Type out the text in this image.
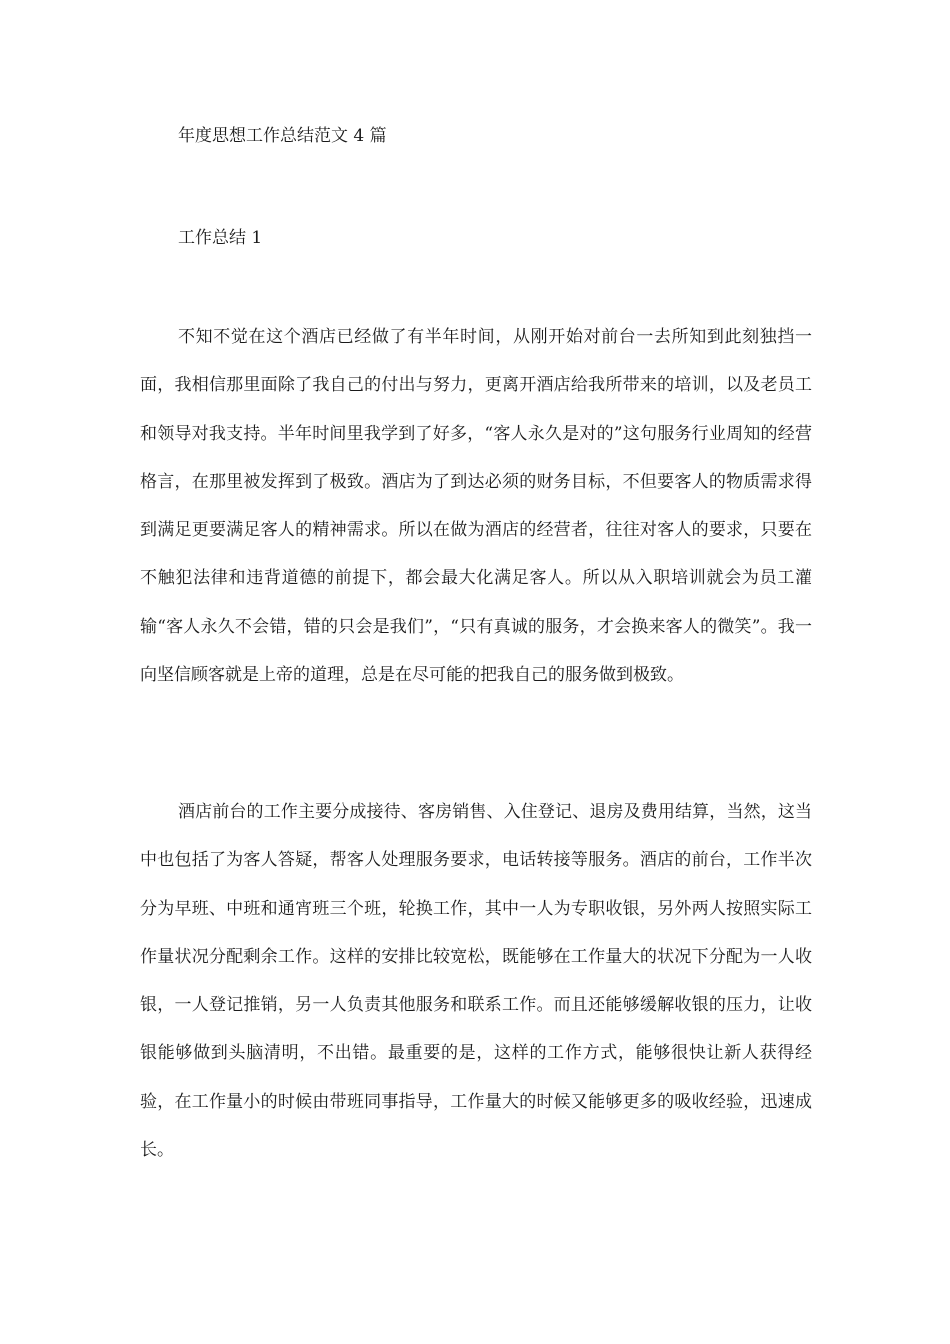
年度思想工作总结范文 4 篇
工作总结 1

不知不觉在这个酒店已经做了有半年时间，从刚开始对前台一去所知到此刻独挡一面，我相信那里面除了我自己的付出与努力，更离开酒店给我所带来的培训，以及老员工和领导对我支持。半年时间里我学到了好多，“客人永久是对的”这句服务行业周知的经营格言，在那里被发挥到了极致。酒店为了到达必须的财务目标，不但要客人的物质需求得到满足更要满足客人的精神需求。所以在做为酒店的经营者，往往对客人的要求，只要在不触犯法律和违背道德的前提下，都会最大化满足客人。所以从入职培训就会为员工灌输“客人永久不会错，错的只会是我们”，“只有真诚的服务，才会换来客人的微笑”。我一向坚信顾客就是上帝的道理，总是在尽可能的把我自己的服务做到极致。

酒店前台的工作主要分成接待、客房销售、入住登记、退房及费用结算，当然，这当中也包括了为客人答疑，帮客人处理服务要求，电话转接等服务。酒店的前台，工作半次分为早班、中班和通宵班三个班，轮换工作，其中一人为专职收银，另外两人按照实际工作量状况分配剩余工作。这样的安排比较宽松，既能够在工作量大的状况下分配为一人收银，一人登记推销，另一人负责其他服务和联系工作。而且还能够缓解收银的压力，让收银能够做到头脑清明，不出错。最重要的是，这样的工作方式，能够很快让新人获得经验，在工作量小的时候由带班同事指导，工作量大的时候又能够更多的吸收经验，迅速成长。
